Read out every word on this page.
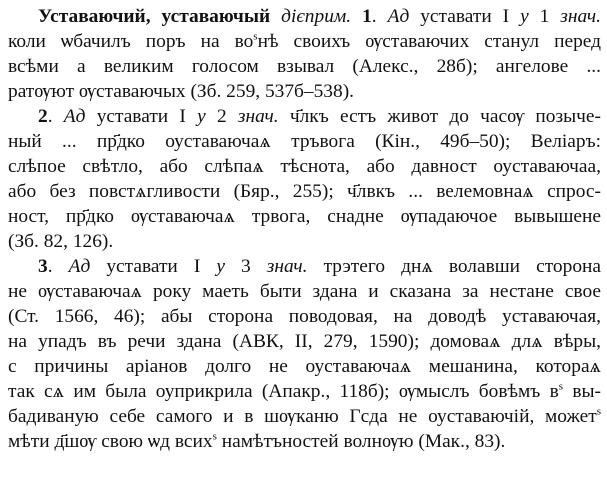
Уставаючий, уставаючый дієприм. 1. Ад уставати І у 1 знач.
коли ѡбачилъ поръ на $во^ѕнѣ$ своихъ ѹставаючих станул перед
всѣми а великим голосом взывал (Алекс., 28б); ангелове ...
ратѹют ѹставаючых (Зб. 259, 537б–538).
2. Ад уставати І у 2 знач. ч҃лкъ естъ живот до часѹ позыче-
ный ... пр҃дко оуставаючаѧ тръвога (Кін., 49б–50); Веліаръ:
слѣпое свѣтло, або слѣпаѧ тѣснота, або давност оуставаючаа,
або без повстѧгливости (Бяр., 255); ч҃лвкъ ... велемовнаѧ спрос-
ност, пр҃дко ѹставаючаѧ трвога, снадне ѹпадаючое вывышене
(Зб. 82, 126).
3. Ад уставати І у 3 знач. трэтего днѧ волавши сторона
не ѹставаючаѧ року маеть быти здана и сказана за нестане свое
(Ст. 1566, 46); абы сторона поводовая, на доводѣ уставаючая,
на упадъ въ речи здана (АВК, II, 279, 1590); домоваѧ длѧ вѣры,
с причины аріанов долго не оуставаючаѧ мешанина, котораѧ
так сѧ им была оуприкрила (Апакр., 118б); ѹмыслъ бовѣмъ $в^ѕ$ вы-
бадиваную себе самого и в шѹканю Гсда не оуставаючій, может$^ѕ$
мѣти д҃шѹ свою ѡд всих$^ѕ$ намѣтъностей волнѹю (Мак., 83).
